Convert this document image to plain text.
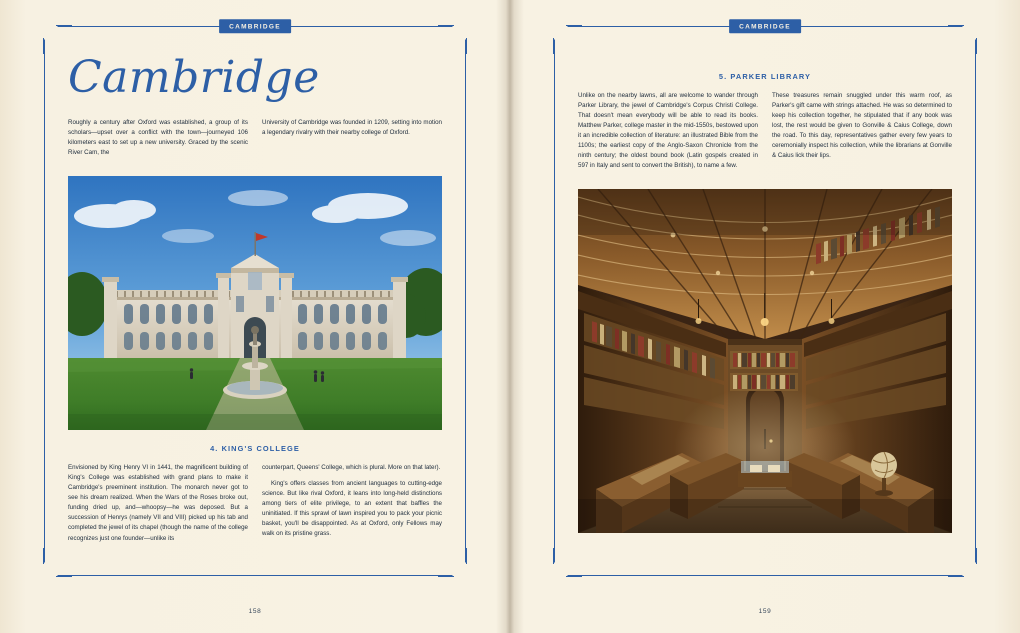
CAMBRIDGE
Cambridge

Roughly a century after Oxford was established, a group of its scholars—upset over a conflict with the town—journeyed 106 kilometers east to set up a new university. Graced by the scenic River Cam, the

University of Cambridge was founded in 1209, setting into motion a legendary rivalry with their nearby college of Oxford.

4. KING'S COLLEGE

Envisioned by King Henry VI in 1441, the magnificent building of King's College was established with grand plans to make it Cambridge's preeminent institution. The monarch never got to see his dream realized. When the Wars of the Roses broke out, funding dried up, and—whoopsy—he was deposed. But a succession of Henrys (namely VII and VIII) picked up his tab and completed the jewel of its chapel (though the name of the college recognizes just one founder—unlike its

counterpart, Queens' College, which is plural. More on that later).

King's offers classes from ancient languages to cutting-edge science. But like rival Oxford, it leans into long-held distinctions among tiers of elite privilege, to an extent that baffles the uninitiated. If this sprawl of lawn inspired you to pack your picnic basket, you'll be disappointed. As at Oxford, only Fellows may walk on its pristine grass.

158
CAMBRIDGE
5. PARKER LIBRARY

Unlike on the nearby lawns, all are welcome to wander through Parker Library, the jewel of Cambridge's Corpus Christi College. That doesn't mean everybody will be able to read its books. Matthew Parker, college master in the mid-1550s, bestowed upon it an incredible collection of literature: an illustrated Bible from the 1100s; the earliest copy of the Anglo-Saxon Chronicle from the ninth century; the oldest bound book (Latin gospels created in 597 in Italy and sent to convert the British), to name a few.

These treasures remain snuggled under this warm roof, as Parker's gift came with strings attached. He was so determined to keep his collection together, he stipulated that if any book was lost, the rest would be given to Gonville & Caius College, down the road. To this day, representatives gather every few years to ceremonially inspect his collection, while the librarians at Gonville & Caius lick their lips.

159
